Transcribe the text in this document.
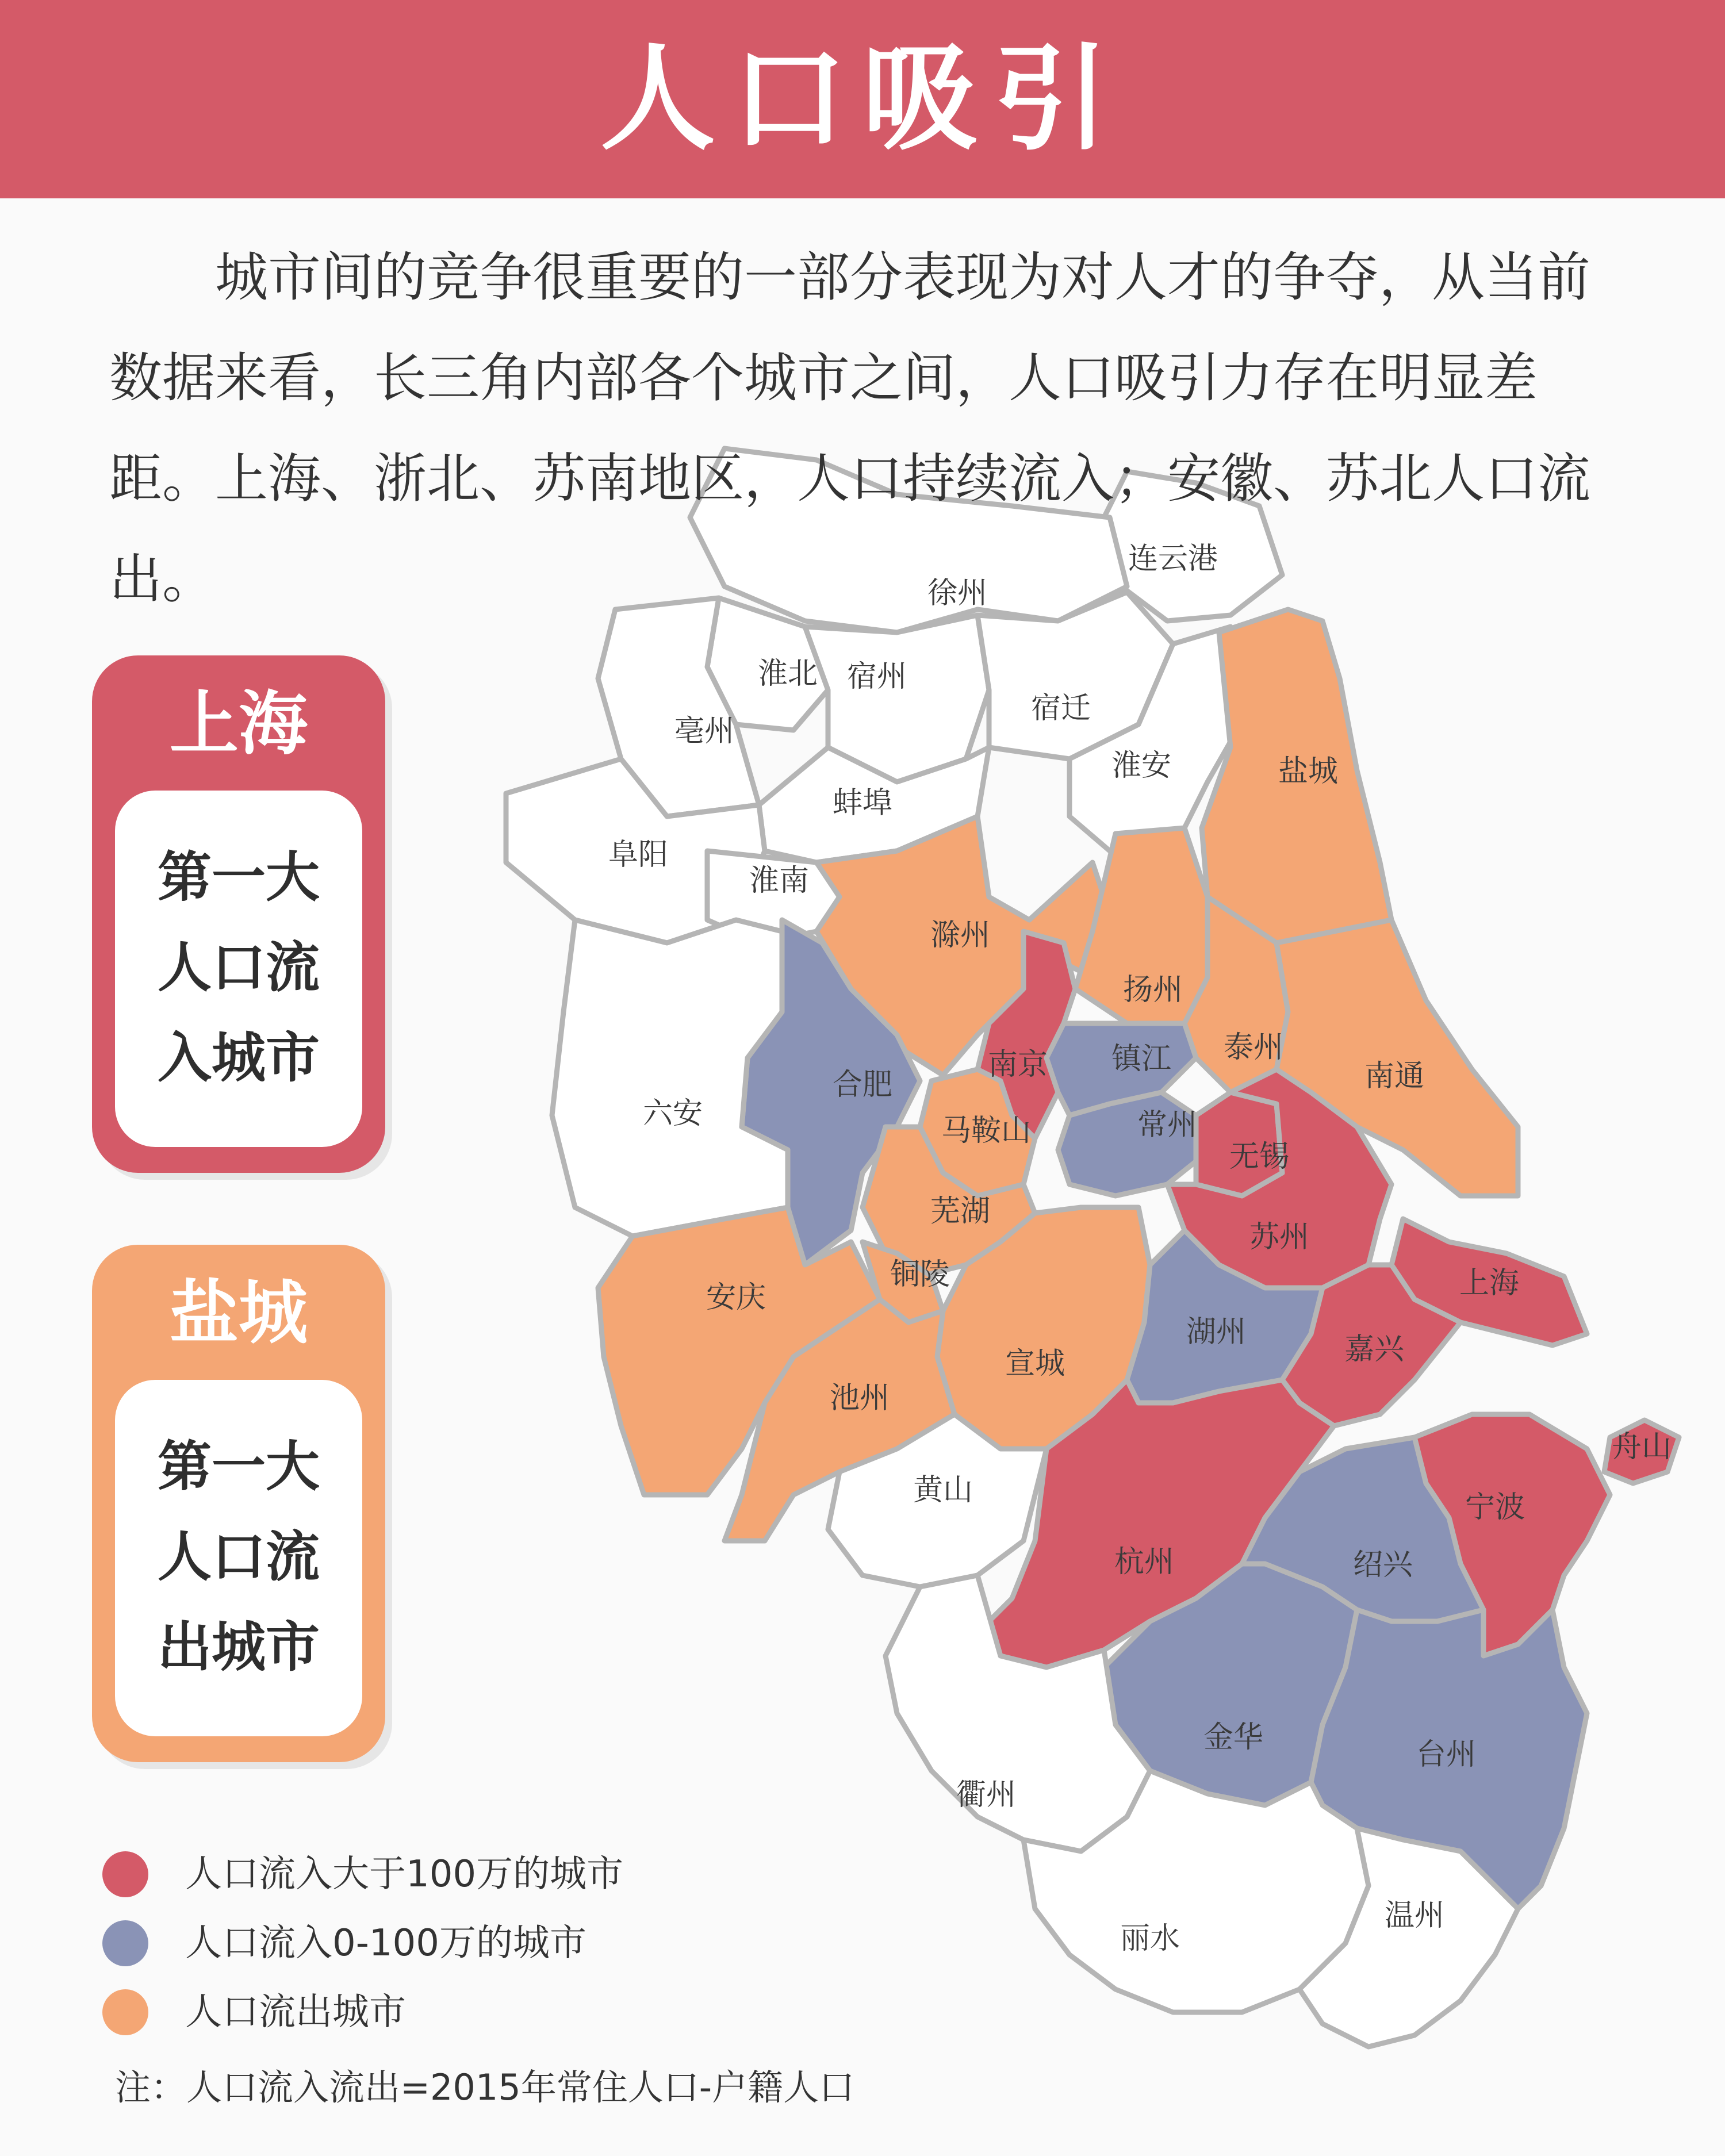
人口吸引
连云港
徐州
淮北 宿州
宿迁
亳州
淮安	盐城
蚌埠
阜阳
淮南
滁州
扬州
泰州
南通
南京 镇江
合肥
六安	马鞍山	常州
无锡
苏州
芜湖
铜陵
安庆	上海
湖州	嘉兴
宣城
池州
舟山
黄山	宁波
杭州	绍兴
金华	台州
衢州
温州
丽水

城市间的竞争很重要的一部分表现为对人才的争夺，从当前数据来看，长三角内部各个城市之间，人口吸引力存在明显差距。上海、浙北、苏南地区，人口持续流入；安徽、苏北人口流出。

上海
第一大
人口流
入城市
盐城
第一大
人口流
出城市
人口流入大于100万的城市
人口流入0-100万的城市
人口流出城市
注：人口流入流出=2015年常住人口-户籍人口
